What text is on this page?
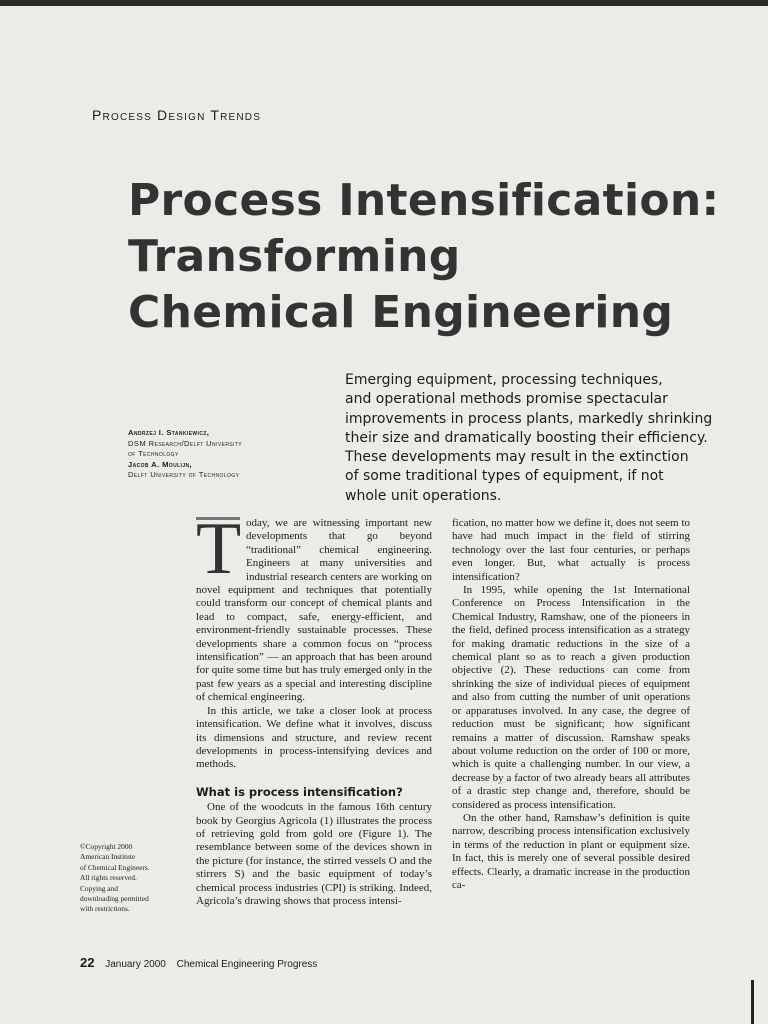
Process Design Trends
Process Intensification:
Transforming
Chemical Engineering
Emerging equipment, processing techniques,
and operational methods promise spectacular
improvements in process plants, markedly shrinking
their size and dramatically boosting their efficiency.
These developments may result in the extinction
of some traditional types of equipment, if not
whole unit operations.
Andrzej I. Stankiewicz,
DSM Research/Delft University
of Technology
Jacob A. Moulijn,
Delft University of Technology

T oday, we are witnessing important new developments that go beyond “traditional” chemical engineering. Engineers at many universities and industrial research centers are working on novel equipment and techniques that potentially could transform our concept of chemical plants and lead to compact, safe, energy-efficient, and environment-friendly sustainable processes. These developments share a common focus on “process intensification” — an approach that has been around for quite some time but has truly emerged only in the past few years as a special and interesting discipline of chemical engineering.

In this article, we take a closer look at process intensification. We define what it involves, discuss its dimensions and structure, and review recent developments in process-intensifying devices and methods.

What is process intensification?

One of the woodcuts in the famous 16th century book by Georgius Agricola (1) illustrates the process of retrieving gold from gold ore (Figure 1). The resemblance between some of the devices shown in the picture (for instance, the stirred vessels O and the stirrers S) and the basic equipment of today’s chemical process industries (CPI) is striking. Indeed, Agricola’s drawing shows that process intensi-

fication, no matter how we define it, does not seem to have had much impact in the field of stirring technology over the last four centuries, or perhaps even longer. But, what actually is process intensification?

In 1995, while opening the 1st International Conference on Process Intensification in the Chemical Industry, Ramshaw, one of the pioneers in the field, defined process intensification as a strategy for making dramatic reductions in the size of a chemical plant so as to reach a given production objective (2). These reductions can come from shrinking the size of individual pieces of equipment and also from cutting the number of unit operations or apparatuses involved. In any case, the degree of reduction must be significant; how significant remains a matter of discussion. Ramshaw speaks about volume reduction on the order of 100 or more, which is quite a challenging number. In our view, a decrease by a factor of two already bears all attributes of a drastic step change and, therefore, should be considered as process intensification.

On the other hand, Ramshaw’s definition is quite narrow, describing process intensification exclusively in terms of the reduction in plant or equipment size. In fact, this is merely one of several possible desired effects. Clearly, a dramatic increase in the production ca-

©Copyright 2000
American Institute
of Chemical Engineers.
All rights reserved.
Copying and
downloading permitted
with restrictions.
22 January 2000 Chemical Engineering Progress
